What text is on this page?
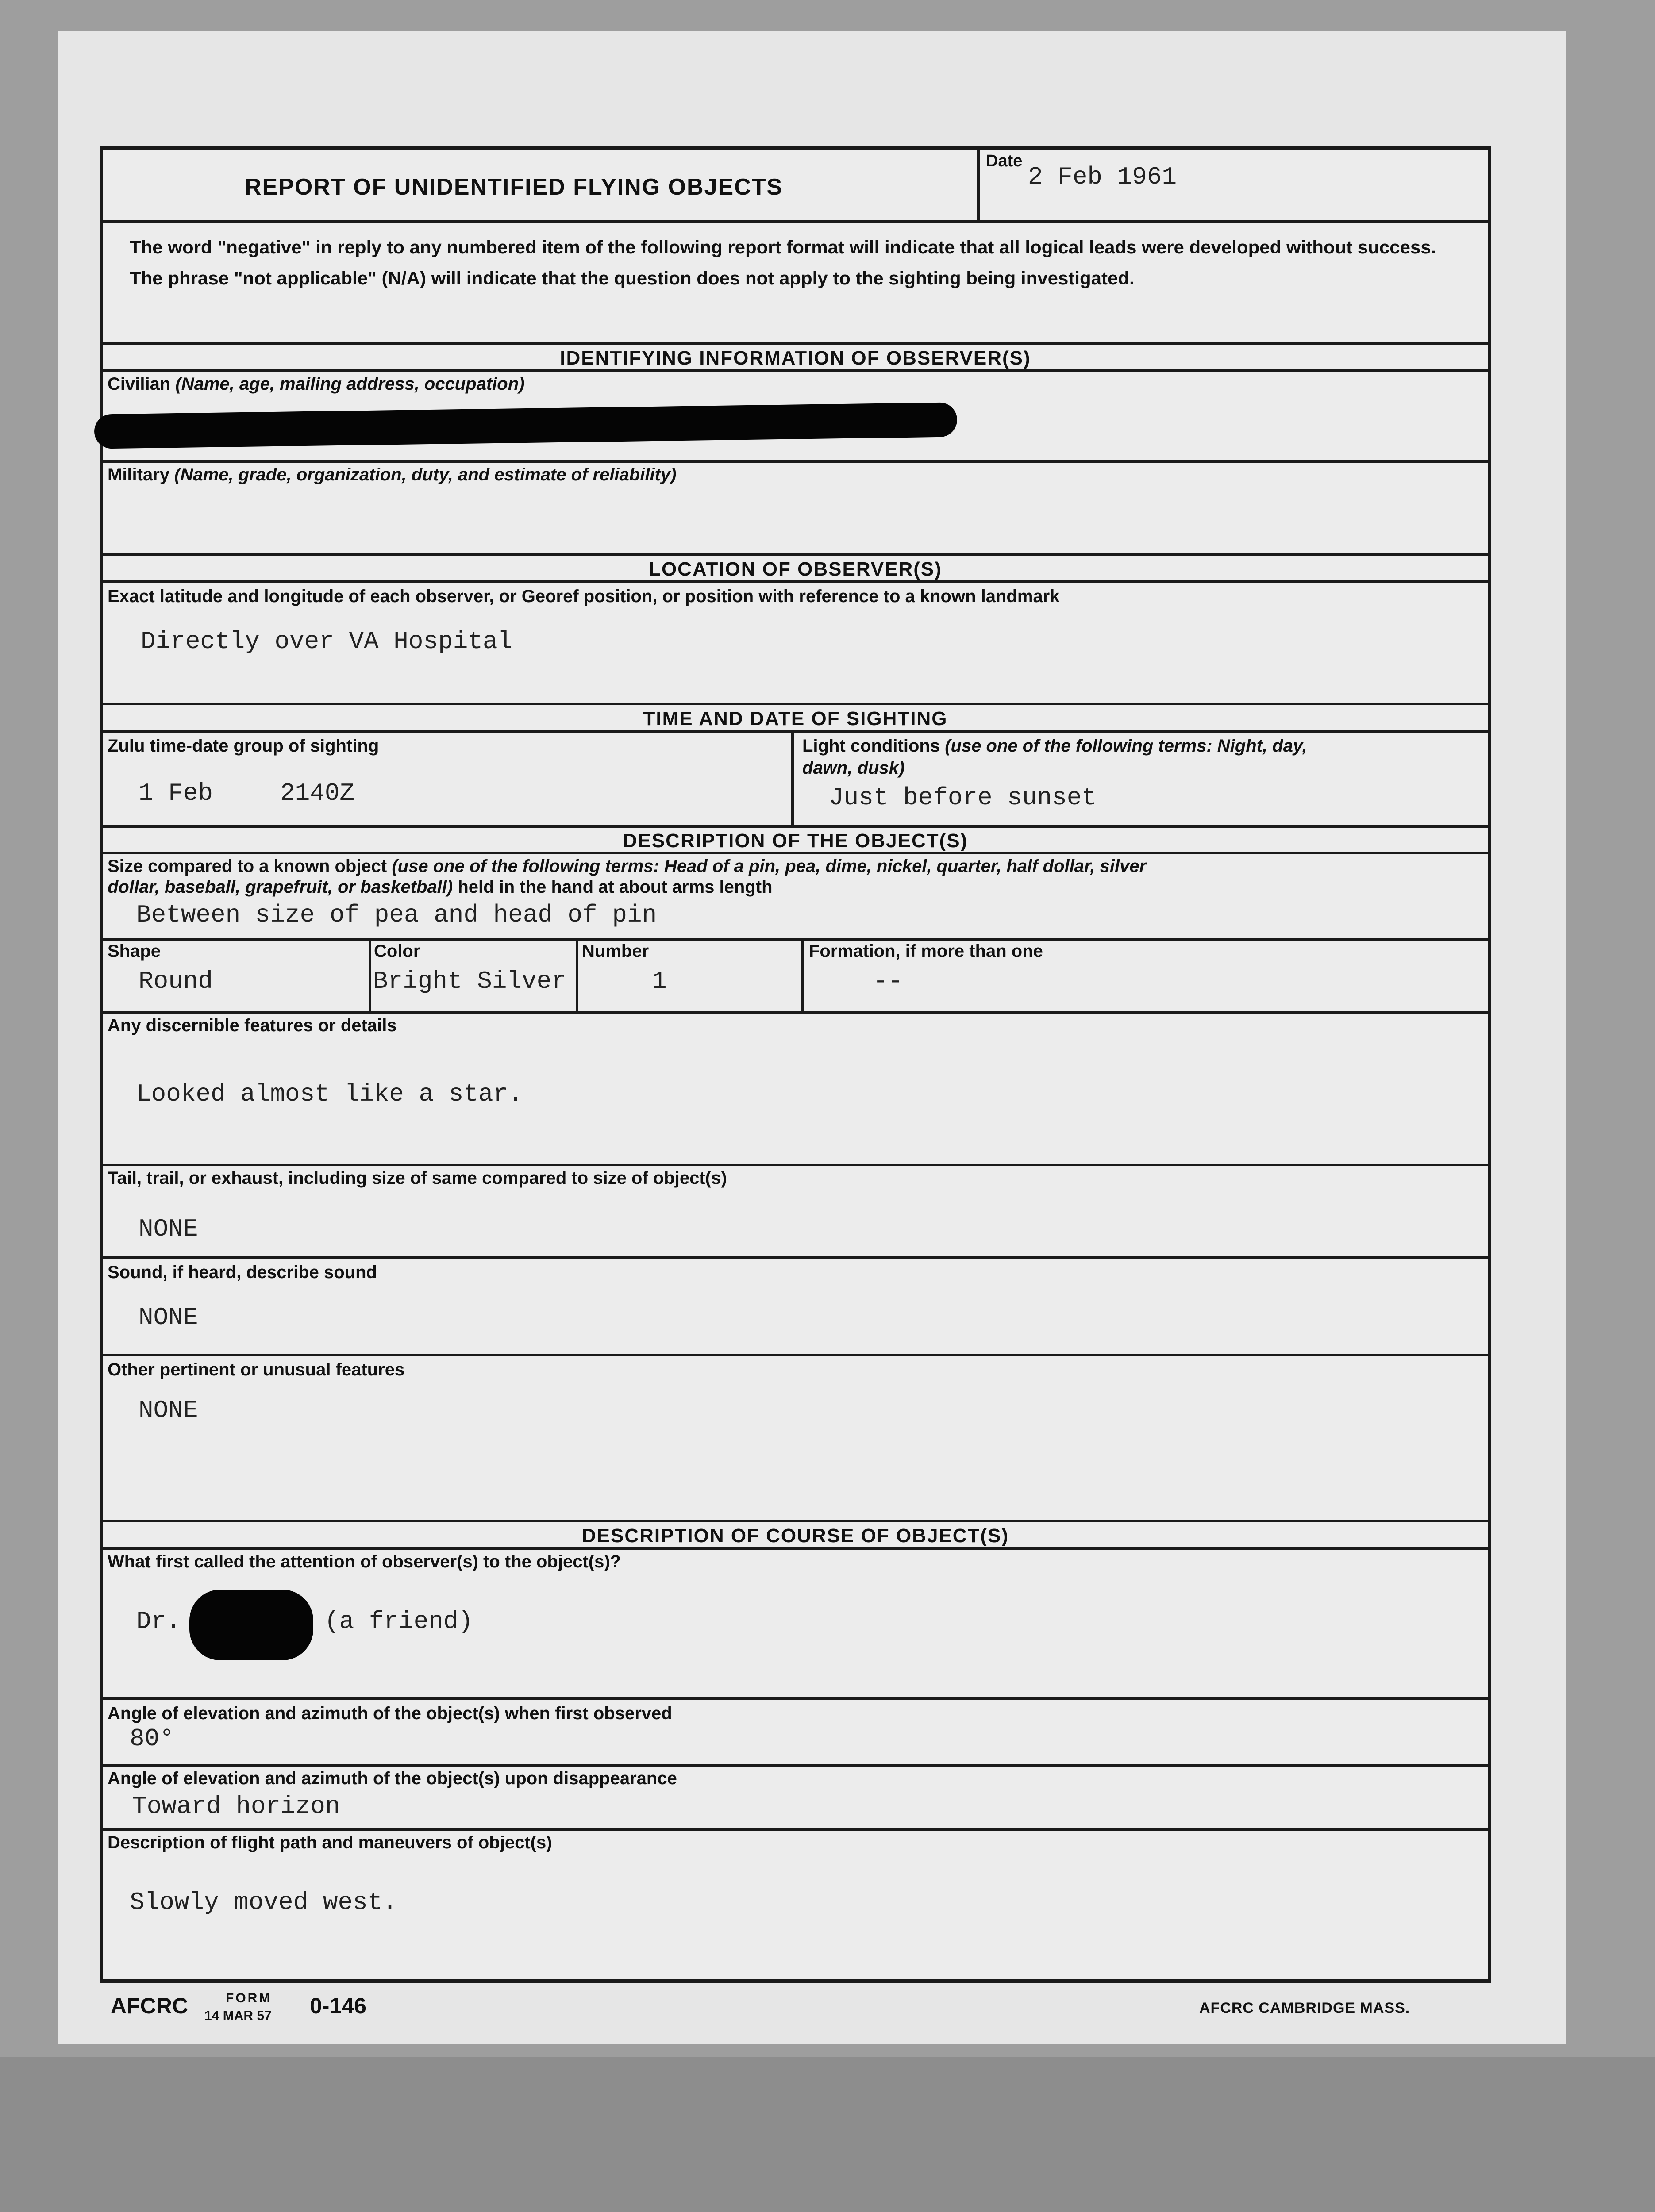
REPORT OF UNIDENTIFIED FLYING OBJECTS
Date
2 Feb 1961
The word "negative" in reply to any numbered item of the following report format will indicate that all logical leads were developed without success. The phrase "not applicable" (N/A) will indicate that the question does not apply to the sighting being investigated.
IDENTIFYING INFORMATION OF OBSERVER(S)
Civilian (Name, age, mailing address, occupation)
Military (Name, grade, organization, duty, and estimate of reliability)
LOCATION OF OBSERVER(S)
Exact latitude and longitude of each observer, or Georef position, or position with reference to a known landmark
Directly over VA Hospital
TIME AND DATE OF SIGHTING
Zulu time-date group of sighting
1 Feb	2140Z
Light conditions (use one of the following terms: Night, day,
dawn, dusk)
Just before sunset
DESCRIPTION OF THE OBJECT(S)
Size compared to a known object (use one of the following terms: Head of a pin, pea, dime, nickel, quarter, half dollar, silver
dollar, baseball, grapefruit, or basketball) held in the hand at about arms length
Between size of pea and head of pin
Shape
Round
Color
Bright Silver
Number
1
Formation, if more than one
--
Any discernible features or details
Looked almost like a star.
Tail, trail, or exhaust, including size of same compared to size of object(s)
NONE
Sound, if heard, describe sound
NONE
Other pertinent or unusual features
NONE
DESCRIPTION OF COURSE OF OBJECT(S)
What first called the attention of observer(s) to the object(s)?
Dr.	(a friend)
Angle of elevation and azimuth of the object(s) when first observed
80°
Angle of elevation and azimuth of the object(s) upon disappearance
Toward horizon
Description of flight path and maneuvers of object(s)
Slowly moved west.
AFCRC	FORM
14 MAR 57 0-146	AFCRC CAMBRIDGE MASS.
